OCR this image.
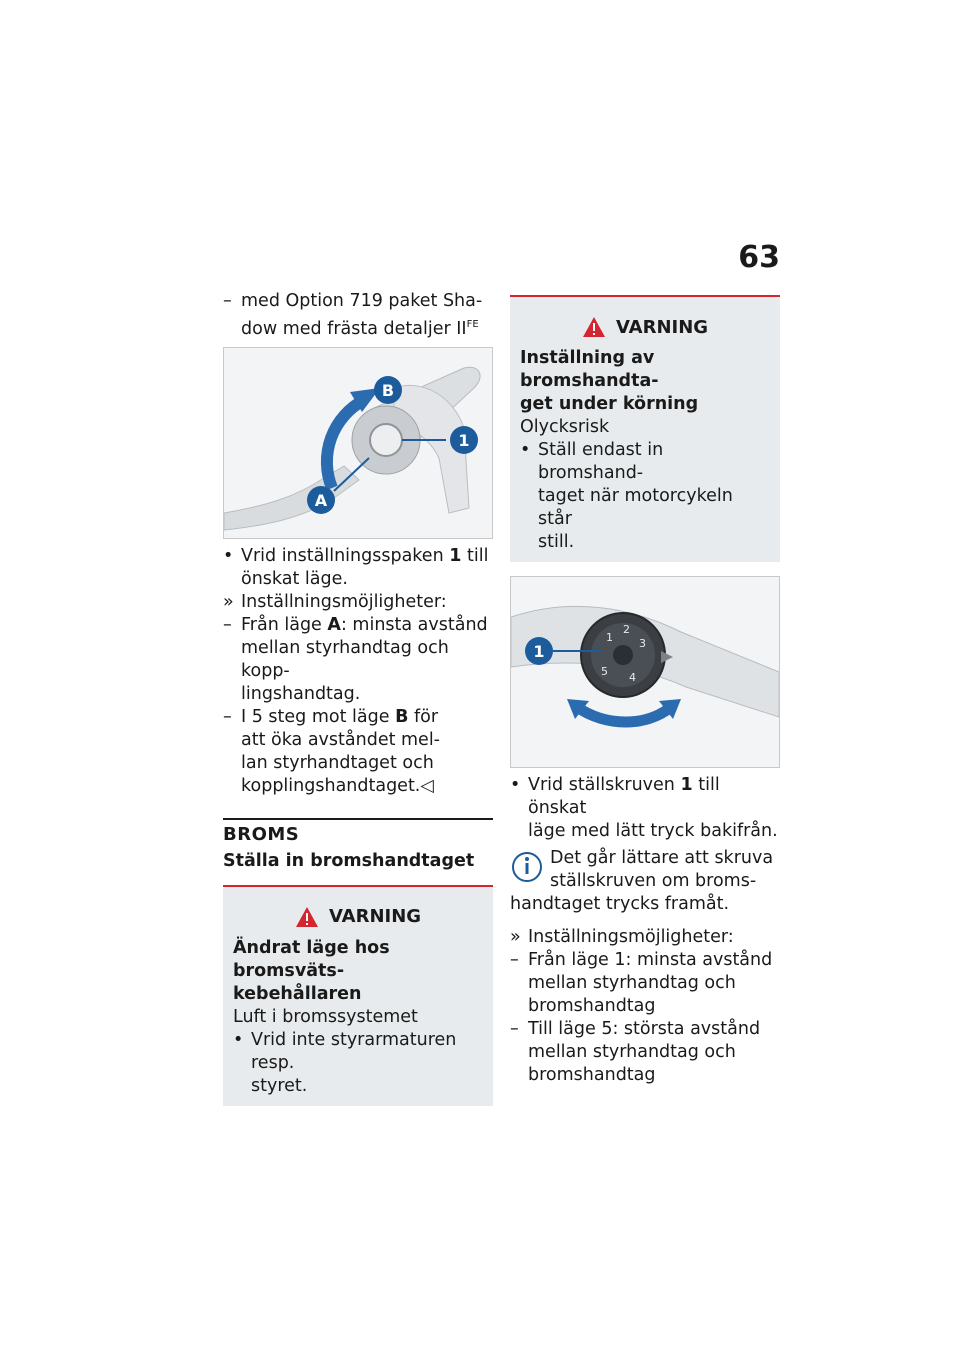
63
– med Option 719 paket Sha-
dow med frästa detaljer $II^{FE}$
B
1
A
• Vrid inställningsspaken 1 till
önskat läge.
» Inställningsmöjligheter:
– Från läge A: minsta avstånd
mellan styrhandtag och kopp-
lingshandtag.
– I 5 steg mot läge B för
att öka avståndet mel-
lan styrhandtaget och
kopplingshandtaget.◁
BROMS
Ställa in bromshandtaget
VARNING
Ändrat läge hos bromsväts-
kebehållaren
Luft i bromssystemet
• Vrid inte styrarmaturen resp.
styret.
VARNING
Inställning av bromshandta-
get under körning
Olycksrisk
• Ställ endast in bromshand-
taget när motorcykeln står
still.
1
2
3
4
5
1
• Vrid ställskruven 1 till önskat
läge med lätt tryck bakifrån.
Det går lättare att skruva
ställskruven om broms-
handtaget trycks framåt.
» Inställningsmöjligheter:
– Från läge 1: minsta avstånd
mellan styrhandtag och
bromshandtag
– Till läge 5: största avstånd
mellan styrhandtag och
bromshandtag
